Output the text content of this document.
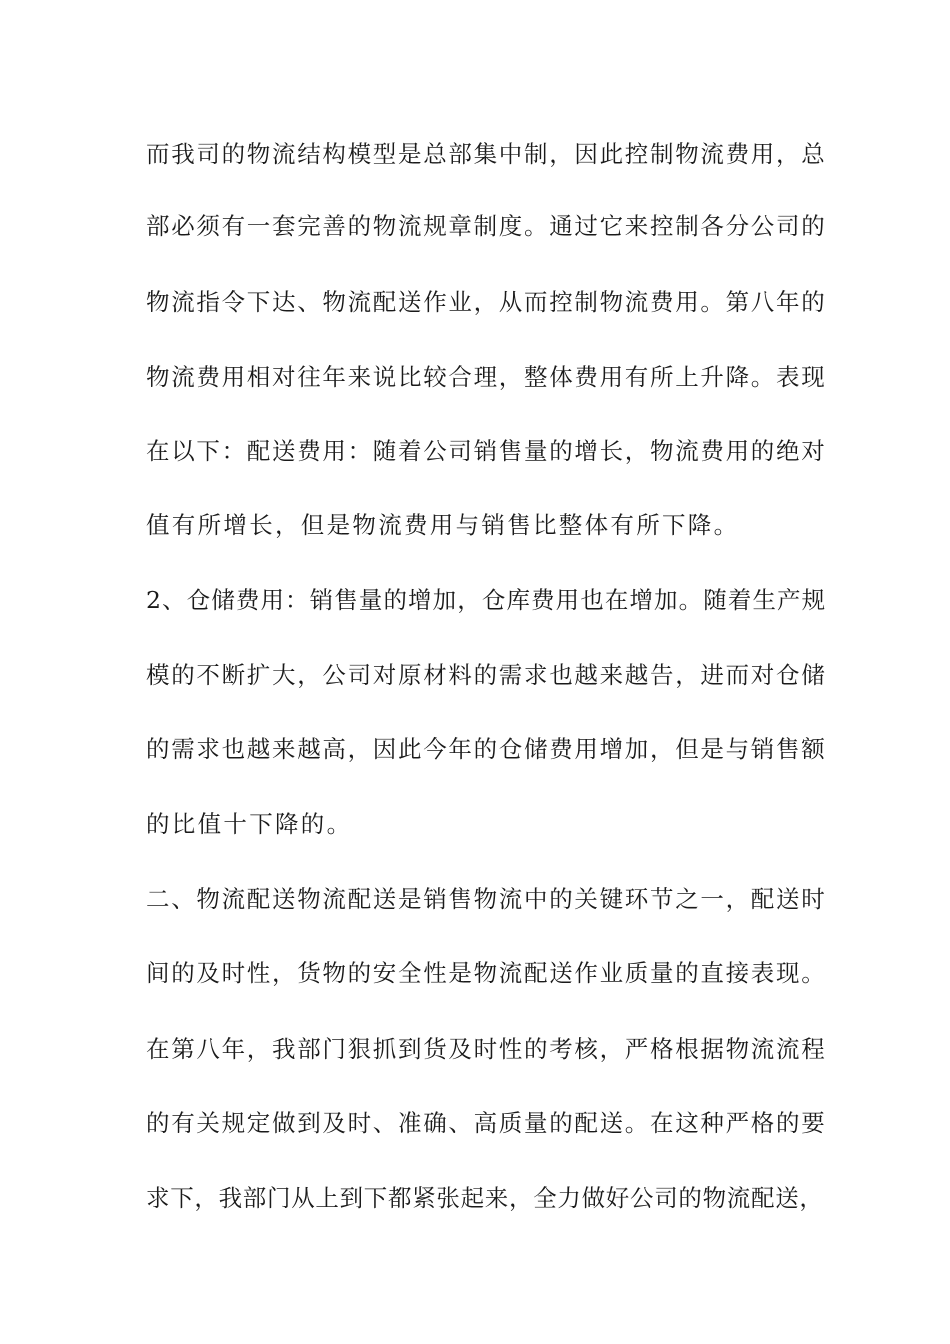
而我司的物流结构模型是总部集中制，因此控制物流费用，总
部必须有一套完善的物流规章制度。通过它来控制各分公司的
物流指令下达、物流配送作业，从而控制物流费用。第八年的
物流费用相对往年来说比较合理，整体费用有所上升降。表现
在以下：配送费用：随着公司销售量的增长，物流费用的绝对
值有所增长，但是物流费用与销售比整体有所下降。
2、仓储费用：销售量的增加，仓库费用也在增加。随着生产规
模的不断扩大，公司对原材料的需求也越来越告，进而对仓储
的需求也越来越高，因此今年的仓储费用增加，但是与销售额
的比值十下降的。
二、物流配送物流配送是销售物流中的关键环节之一，配送时
间的及时性，货物的安全性是物流配送作业质量的直接表现。
在第八年，我部门狠抓到货及时性的考核，严格根据物流流程
的有关规定做到及时、准确、高质量的配送。在这种严格的要
求下，我部门从上到下都紧张起来，全力做好公司的物流配送，
